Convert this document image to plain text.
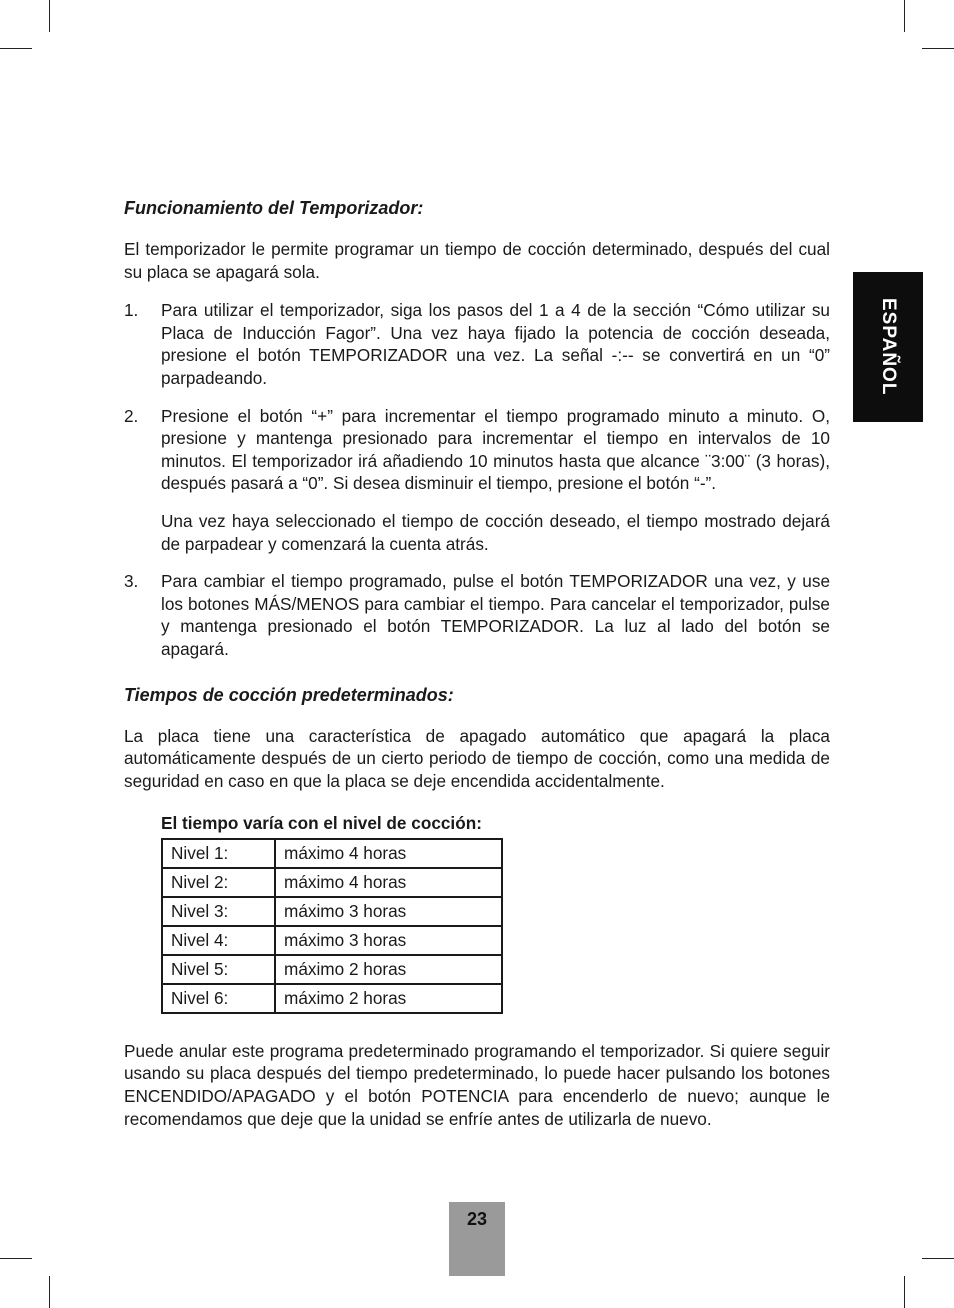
ESPAÑOL
Funcionamiento del Temporizador:

El temporizador le permite programar un tiempo de cocción determinado, después del cual su placa se apagará sola.

1. Para utilizar el temporizador, siga los pasos del 1 a 4 de la sección “Cómo utilizar su Placa de Inducción Fagor”. Una vez haya fijado la potencia de cocción deseada, presione el botón TEMPORIZADOR una vez. La señal -:-- se convertirá en un “0” parpadeando.

2. Presione el botón “+” para incrementar el tiempo programado minuto a minuto. O, presione y mantenga presionado para incrementar el tiempo en intervalos de 10 minutos. El temporizador irá añadiendo 10 minutos hasta que alcance ¨3:00¨ (3 horas), después pasará a “0”. Si desea disminuir el tiempo, presione el botón “-”.

Una vez haya seleccionado el tiempo de cocción deseado, el tiempo mostrado dejará de parpadear y comenzará la cuenta atrás.

3. Para cambiar el tiempo programado, pulse el botón TEMPORIZADOR una vez, y use los botones MÁS/MENOS para cambiar el tiempo. Para cancelar el temporizador, pulse y mantenga presionado el botón TEMPORIZADOR. La luz al lado del botón se apagará.

Tiempos de cocción predeterminados:

La placa tiene una característica de apagado automático que apagará la placa automáticamente después de un cierto periodo de tiempo de cocción, como una medida de seguridad en caso en que la placa se deje encendida accidentalmente.

El tiempo varía con el nivel de cocción:
Nivel 1:	máximo 4 horas
Nivel 2:	máximo 4 horas
Nivel 3:	máximo 3 horas
Nivel 4:	máximo 3 horas
Nivel 5:	máximo 2 horas
Nivel 6:	máximo 2 horas

Puede anular este programa predeterminado programando el temporizador. Si quiere seguir usando su placa después del tiempo predeterminado, lo puede hacer pulsando los botones ENCENDIDO/APAGADO y el botón POTENCIA para encenderlo de nuevo; aunque le recomendamos que deje que la unidad se enfríe antes de utilizarla de nuevo.

23
